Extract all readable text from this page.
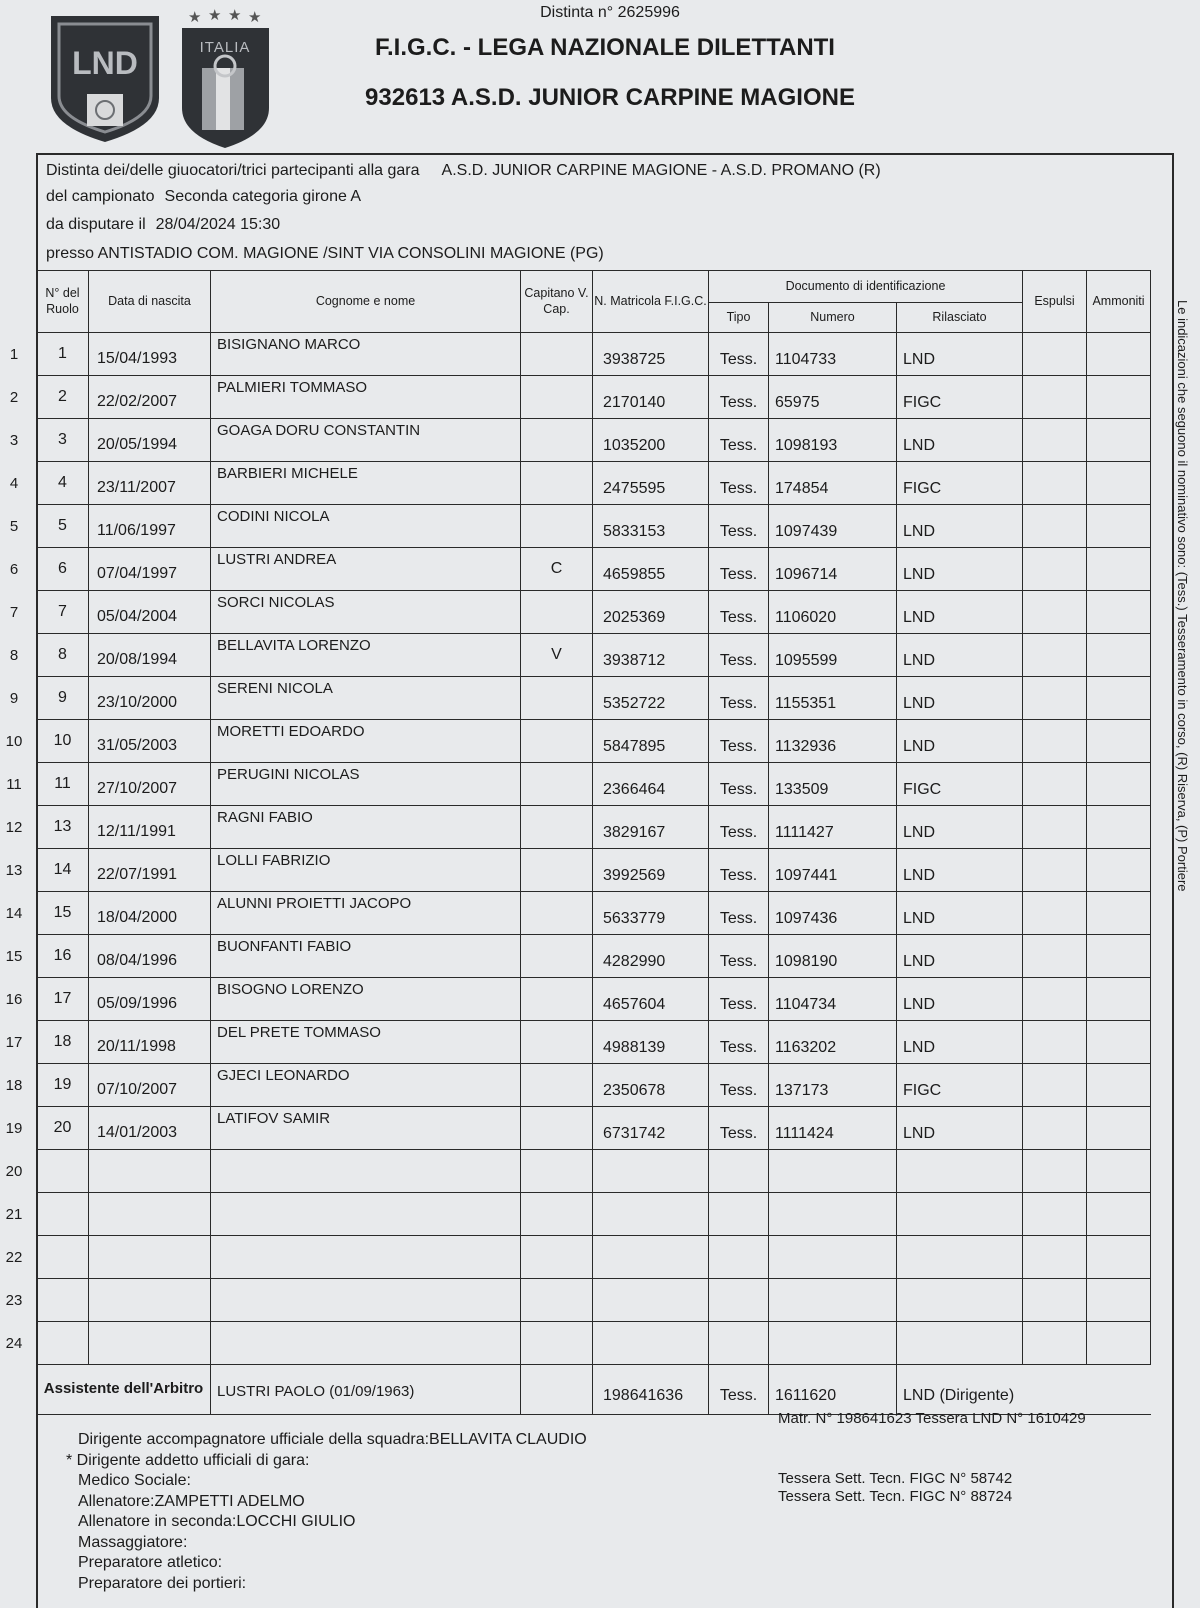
LND
★ ★ ★ ★
ITALIA
Distinta n° 2625996
F.I.G.C. - LEGA NAZIONALE DILETTANTI
932613 A.S.D. JUNIOR CARPINE MAGIONE
Distinta dei/delle giuocatori/trici partecipanti alla gara A.S.D. JUNIOR CARPINE MAGIONE - A.S.D. PROMANO (R)
del campionato Seconda categoria girone A
da disputare il 28/04/2024 15:30
presso ANTISTADIO COM. MAGIONE /SINT VIA CONSOLINI MAGIONE (PG)
1
2
3
4
5
6
7
8
9
10
11
12
13
14
15
16
17
18
19
20
21
22
23
24
N° del Ruolo	Data di nascita	Cognome e nome	Capitano V. Cap.	N. Matricola F.I.G.C.	Documento di identificazione			Espulsi	Ammoniti
					Tipo	Numero	Rilasciato		
1	15/04/1993	BISIGNANO MARCO		3938725	Tess.	1104733	LND		
2	22/02/2007	PALMIERI TOMMASO		2170140	Tess.	65975	FIGC		
3	20/05/1994	GOAGA DORU CONSTANTIN		1035200	Tess.	1098193	LND		
4	23/11/2007	BARBIERI MICHELE		2475595	Tess.	174854	FIGC		
5	11/06/1997	CODINI NICOLA		5833153	Tess.	1097439	LND		
6	07/04/1997	LUSTRI ANDREA	C	4659855	Tess.	1096714	LND		
7	05/04/2004	SORCI NICOLAS		2025369	Tess.	1106020	LND		
8	20/08/1994	BELLAVITA LORENZO	V	3938712	Tess.	1095599	LND		
9	23/10/2000	SERENI NICOLA		5352722	Tess.	1155351	LND		
10	31/05/2003	MORETTI EDOARDO		5847895	Tess.	1132936	LND		
11	27/10/2007	PERUGINI NICOLAS		2366464	Tess.	133509	FIGC		
13	12/11/1991	RAGNI FABIO		3829167	Tess.	1111427	LND		
14	22/07/1991	LOLLI FABRIZIO		3992569	Tess.	1097441	LND		
15	18/04/2000	ALUNNI PROIETTI JACOPO		5633779	Tess.	1097436	LND		
16	08/04/1996	BUONFANTI FABIO		4282990	Tess.	1098190	LND		
17	05/09/1996	BISOGNO LORENZO		4657604	Tess.	1104734	LND		
18	20/11/1998	DEL PRETE TOMMASO		4988139	Tess.	1163202	LND		
19	07/10/2007	GJECI LEONARDO		2350678	Tess.	137173	FIGC		
20	14/01/2003	LATIFOV SAMIR		6731742	Tess.	1111424	LND		

Assistente dell'Arbitro		LUSTRI PAOLO (01/09/1963)		198641636	Tess.	1611620	LND (Dirigente)		
Le indicazioni che seguono il nominativo sono: (Tess.) Tesseramento in corso, (R) Riserva, (P) Portiere
Dirigente accompagnatore ufficiale della squadra:BELLAVITA CLAUDIO
* Dirigente addetto ufficiali di gara:
Medico Sociale:
Allenatore:ZAMPETTI ADELMO
Allenatore in seconda:LOCCHI GIULIO
Massaggiatore:
Preparatore atletico:
Preparatore dei portieri:
Matr. N° 198641623 Tessera LND N° 1610429
Tessera Sett. Tecn. FIGC N° 58742
Tessera Sett. Tecn. FIGC N° 88724
